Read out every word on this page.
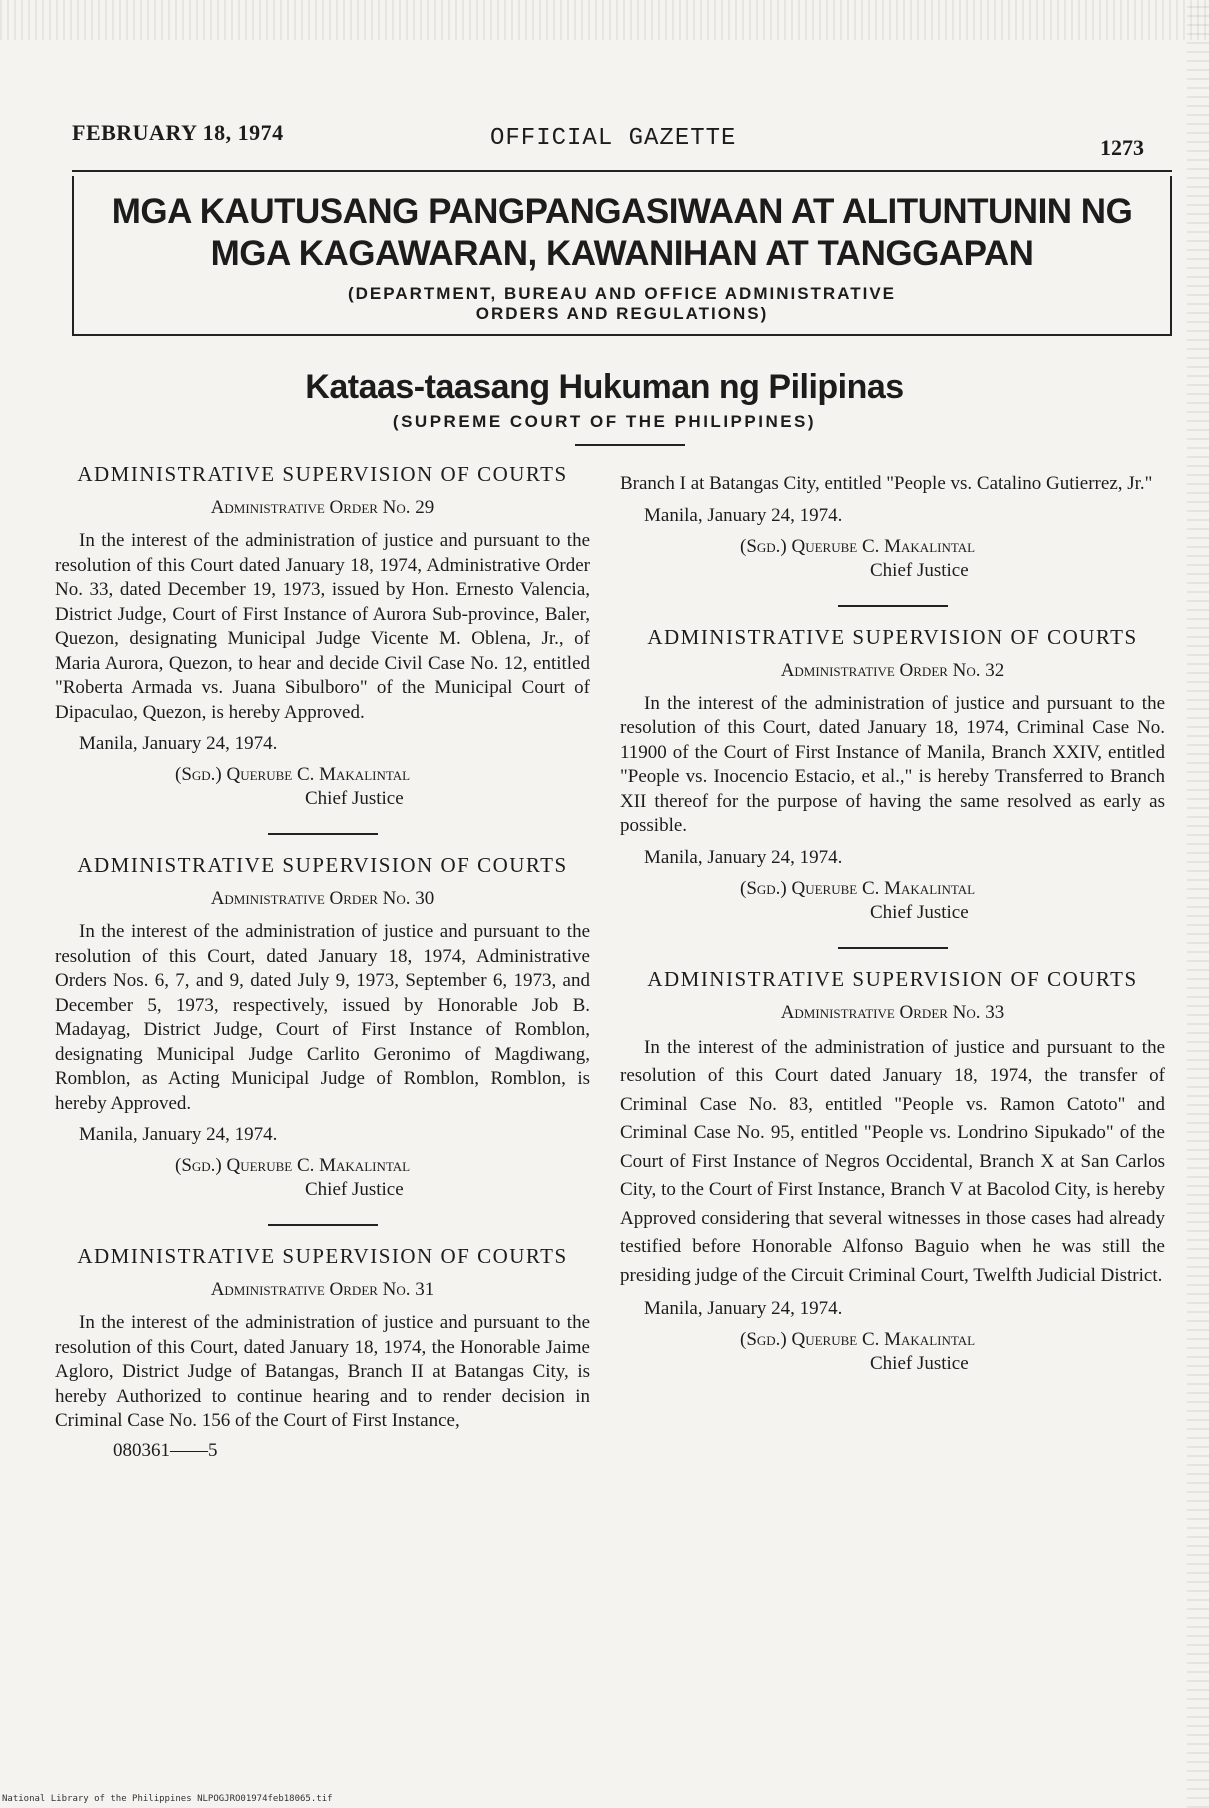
FEBRUARY 18, 1974	OFFICIAL GAZETTE	1273
MGA KAUTUSANG PANGPANGASIWAAN AT ALITUNTUNIN NG
MGA KAGAWARAN, KAWANIHAN AT TANGGAPAN
(DEPARTMENT, BUREAU AND OFFICE ADMINISTRATIVE
ORDERS AND REGULATIONS)
Kataas-taasang Hukuman ng Pilipinas
(SUPREME COURT OF THE PHILIPPINES)
ADMINISTRATIVE SUPERVISION OF COURTS
Administrative Order No. 29

In the interest of the administration of justice and pursuant to the resolution of this Court dated January 18, 1974, Administrative Order No. 33, dated December 19, 1973, issued by Hon. Ernesto Valencia, District Judge, Court of First Instance of Aurora Sub-province, Baler, Quezon, designating Municipal Judge Vicente M. Oblena, Jr., of Maria Aurora, Quezon, to hear and decide Civil Case No. 12, entitled "Roberta Armada vs. Juana Sibulboro" of the Municipal Court of Dipaculao, Quezon, is hereby Approved.

Manila, January 24, 1974.
(Sgd.) Querube C. Makalintal
Chief Justice
ADMINISTRATIVE SUPERVISION OF COURTS
Administrative Order No. 30

In the interest of the administration of justice and pursuant to the resolution of this Court, dated January 18, 1974, Administrative Orders Nos. 6, 7, and 9, dated July 9, 1973, September 6, 1973, and December 5, 1973, respectively, issued by Honorable Job B. Madayag, District Judge, Court of First Instance of Romblon, designating Municipal Judge Carlito Geronimo of Magdiwang, Romblon, as Acting Municipal Judge of Romblon, Romblon, is hereby Approved.

Manila, January 24, 1974.
(Sgd.) Querube C. Makalintal
Chief Justice
ADMINISTRATIVE SUPERVISION OF COURTS
Administrative Order No. 31

In the interest of the administration of justice and pursuant to the resolution of this Court, dated January 18, 1974, the Honorable Jaime Agloro, District Judge of Batangas, Branch II at Batangas City, is hereby Authorized to continue hearing and to render decision in Criminal Case No. 156 of the Court of First Instance,

080361——5

Branch I at Batangas City, entitled "People vs. Catalino Gutierrez, Jr."

Manila, January 24, 1974.
(Sgd.) Querube C. Makalintal
Chief Justice
ADMINISTRATIVE SUPERVISION OF COURTS
Administrative Order No. 32

In the interest of the administration of justice and pursuant to the resolution of this Court, dated January 18, 1974, Criminal Case No. 11900 of the Court of First Instance of Manila, Branch XXIV, entitled "People vs. Inocencio Estacio, et al.," is hereby Transferred to Branch XII thereof for the purpose of having the same resolved as early as possible.

Manila, January 24, 1974.
(Sgd.) Querube C. Makalintal
Chief Justice
ADMINISTRATIVE SUPERVISION OF COURTS
Administrative Order No. 33

In the interest of the administration of justice and pursuant to the resolution of this Court dated January 18, 1974, the transfer of Criminal Case No. 83, entitled "People vs. Ramon Catoto" and Criminal Case No. 95, entitled "People vs. Londrino Sipukado" of the Court of First Instance of Negros Occidental, Branch X at San Carlos City, to the Court of First Instance, Branch V at Bacolod City, is hereby Approved considering that several witnesses in those cases had already testified before Honorable Alfonso Baguio when he was still the presiding judge of the Circuit Criminal Court, Twelfth Judicial District.

Manila, January 24, 1974.
(Sgd.) Querube C. Makalintal
Chief Justice
National Library of the Philippines NLPOGJRO01974feb18065.tif
